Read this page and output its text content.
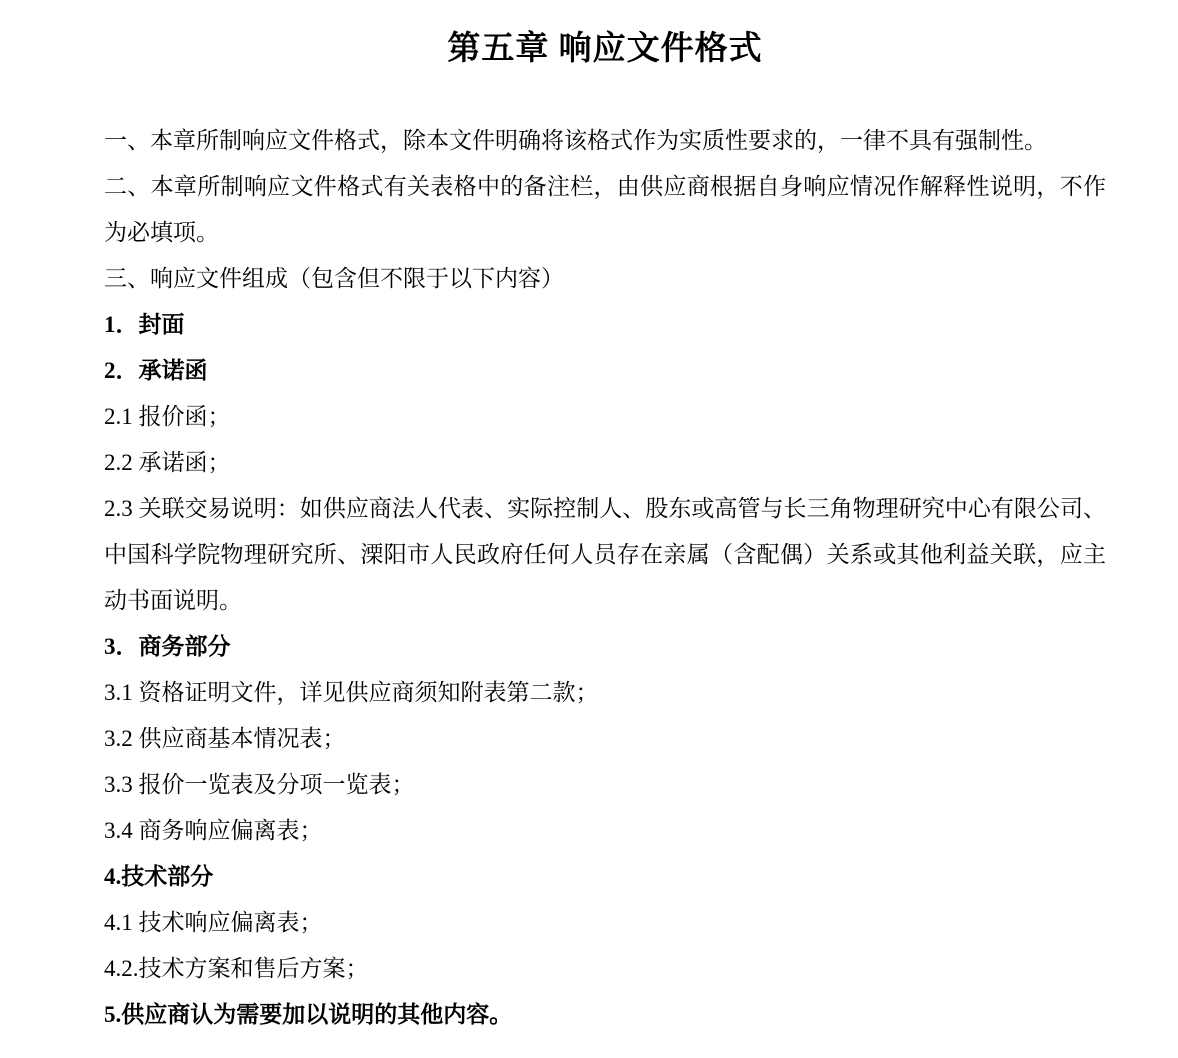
第五章 响应文件格式

一、本章所制响应文件格式，除本文件明确将该格式作为实质性要求的，一律不具有强制性。

二、本章所制响应文件格式有关表格中的备注栏，由供应商根据自身响应情况作解释性说明，不作为必填项。

三、响应文件组成（包含但不限于以下内容）

1．封面

2．承诺函

2.1 报价函；

2.2 承诺函；

2.3 关联交易说明：如供应商法人代表、实际控制人、股东或高管与长三角物理研究中心有限公司、中国科学院物理研究所、溧阳市人民政府任何人员存在亲属（含配偶）关系或其他利益关联，应主动书面说明。

3．商务部分

3.1 资格证明文件，详见供应商须知附表第二款；

3.2 供应商基本情况表；

3.3 报价一览表及分项一览表；

3.4 商务响应偏离表；

4.技术部分

4.1 技术响应偏离表；

4.2.技术方案和售后方案；

5.供应商认为需要加以说明的其他内容。
